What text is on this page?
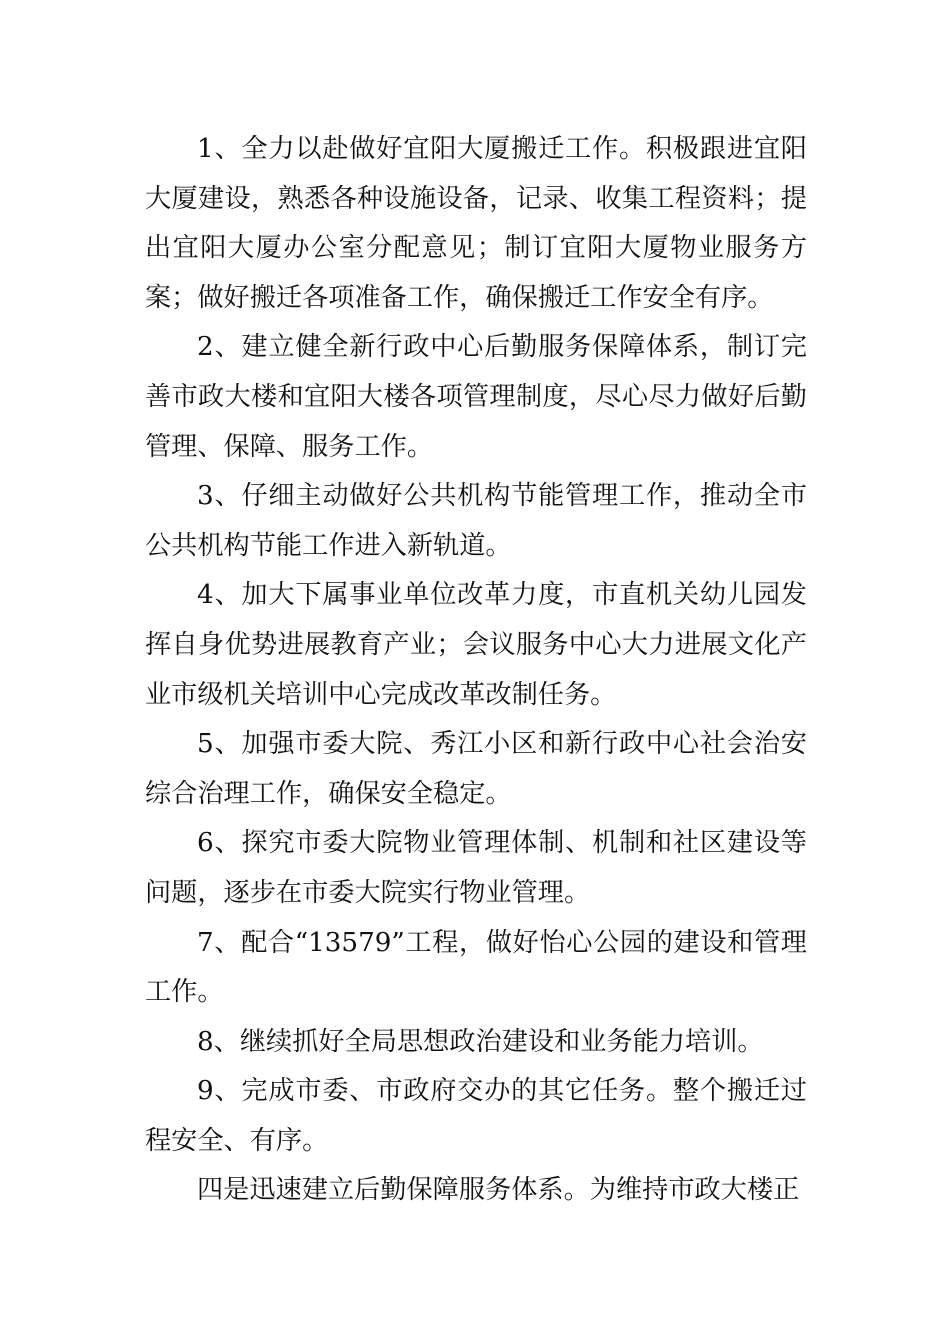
1、全力以赴做好宜阳大厦搬迁工作。积极跟进宜阳大厦建设，熟悉各种设施设备，记录、收集工程资料；提出宜阳大厦办公室分配意见；制订宜阳大厦物业服务方案；做好搬迁各项准备工作，确保搬迁工作安全有序。

2、建立健全新行政中心后勤服务保障体系，制订完善市政大楼和宜阳大楼各项管理制度，尽心尽力做好后勤管理、保障、服务工作。

3、仔细主动做好公共机构节能管理工作，推动全市公共机构节能工作进入新轨道。

4、加大下属事业单位改革力度，市直机关幼儿园发挥自身优势进展教育产业；会议服务中心大力进展文化产业市级机关培训中心完成改革改制任务。

5、加强市委大院、秀江小区和新行政中心社会治安综合治理工作，确保安全稳定。

6、探究市委大院物业管理体制、机制和社区建设等问题，逐步在市委大院实行物业管理。

7、配合“13579”工程，做好怡心公园的建设和管理工作。

8、继续抓好全局思想政治建设和业务能力培训。

9、完成市委、市政府交办的其它任务。整个搬迁过程安全、有序。

四是迅速建立后勤保障服务体系。为维持市政大楼正
